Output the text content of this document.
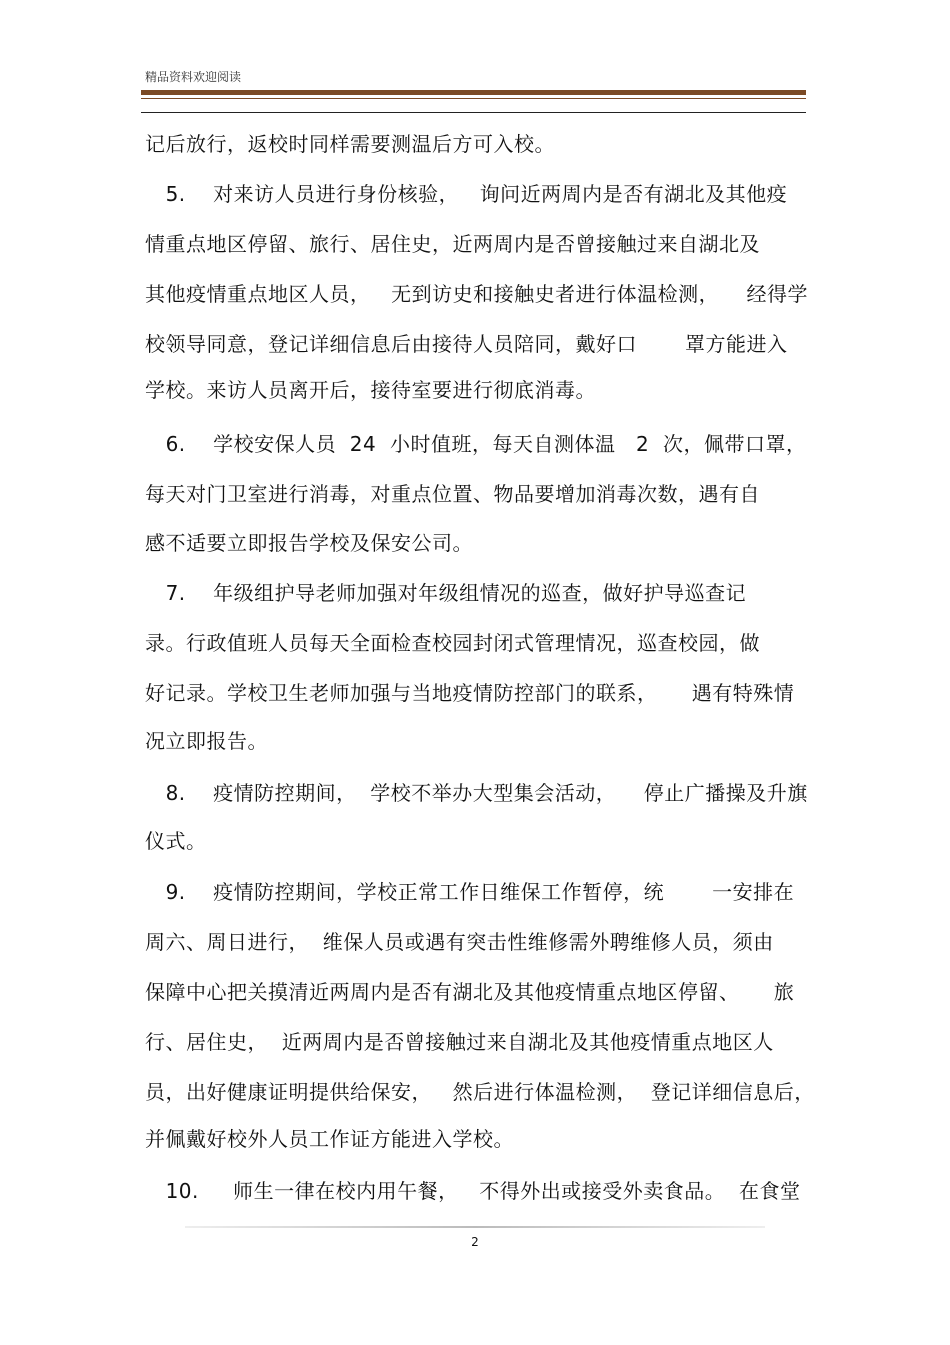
精品资料欢迎阅读
记后放行，返校时同样需要测温后方可入校。
5.    对来访人员进行身份核验，   询问近两周内是否有湖北及其他疫
情重点地区停留、旅行、居住史，近两周内是否曾接触过来自湖北及
其他疫情重点地区人员，   无到访史和接触史者进行体温检测，    经得学
校领导同意，登记详细信息后由接待人员陪同，戴好口       罩方能进入
学校。来访人员离开后，接待室要进行彻底消毒。
6.    学校安保人员  24  小时值班，每天自测体温   2  次，佩带口罩，
每天对门卫室进行消毒，对重点位置、物品要增加消毒次数，遇有自
感不适要立即报告学校及保安公司。
7.    年级组护导老师加强对年级组情况的巡查，做好护导巡查记
录。行政值班人员每天全面检查校园封闭式管理情况，巡查校园，做
好记录。学校卫生老师加强与当地疫情防控部门的联系，     遇有特殊情
况立即报告。
8.    疫情防控期间，  学校不举办大型集会活动，    停止广播操及升旗
仪式。
9.    疫情防控期间，学校正常工作日维保工作暂停，统       一安排在
周六、周日进行，  维保人员或遇有突击性维修需外聘维修人员，须由
保障中心把关摸清近两周内是否有湖北及其他疫情重点地区停留、     旅
行、居住史，  近两周内是否曾接触过来自湖北及其他疫情重点地区人
员，出好健康证明提供给保安，   然后进行体温检测，  登记详细信息后，
并佩戴好校外人员工作证方能进入学校。
10.     师生一律在校内用午餐，   不得外出或接受外卖食品。  在食堂
2
